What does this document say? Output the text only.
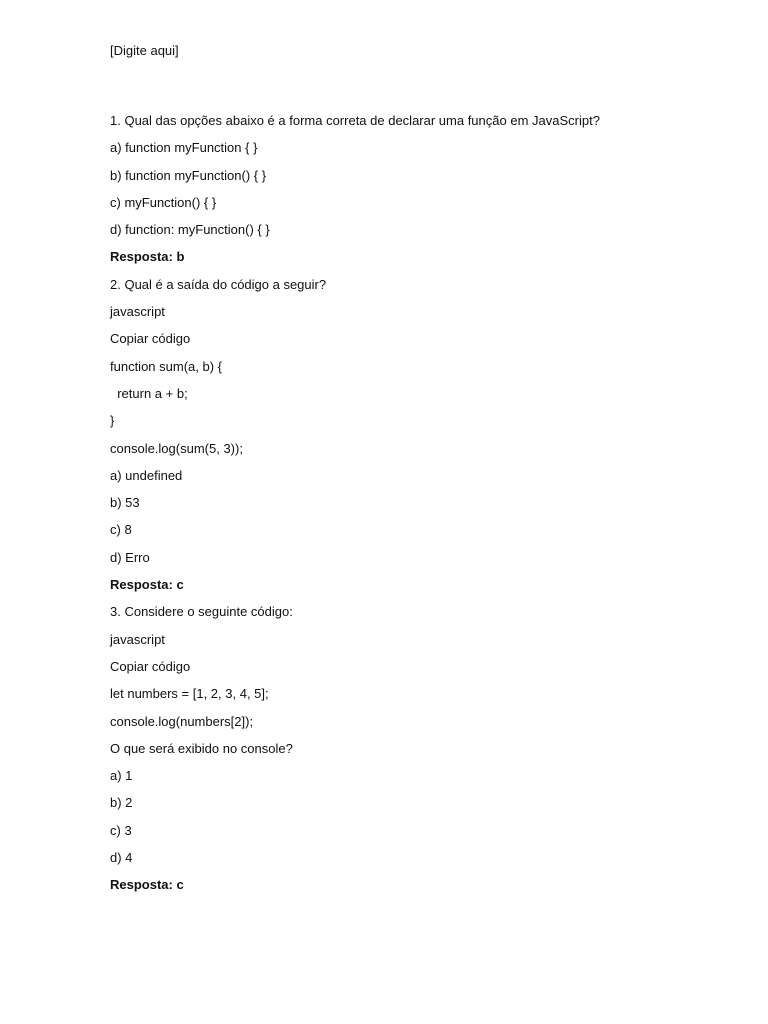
[Digite aqui]
1. Qual das opções abaixo é a forma correta de declarar uma função em JavaScript?
a) function myFunction { }
b) function myFunction() { }
c) myFunction() { }
d) function: myFunction() { }
Resposta: b
2. Qual é a saída do código a seguir?
javascript
Copiar código
function sum(a, b) {
return a + b;
}
console.log(sum(5, 3));
a) undefined
b) 53
c) 8
d) Erro
Resposta: c
3. Considere o seguinte código:
javascript
Copiar código
let numbers = [1, 2, 3, 4, 5];
console.log(numbers[2]);
O que será exibido no console?
a) 1
b) 2
c) 3
d) 4
Resposta: c
